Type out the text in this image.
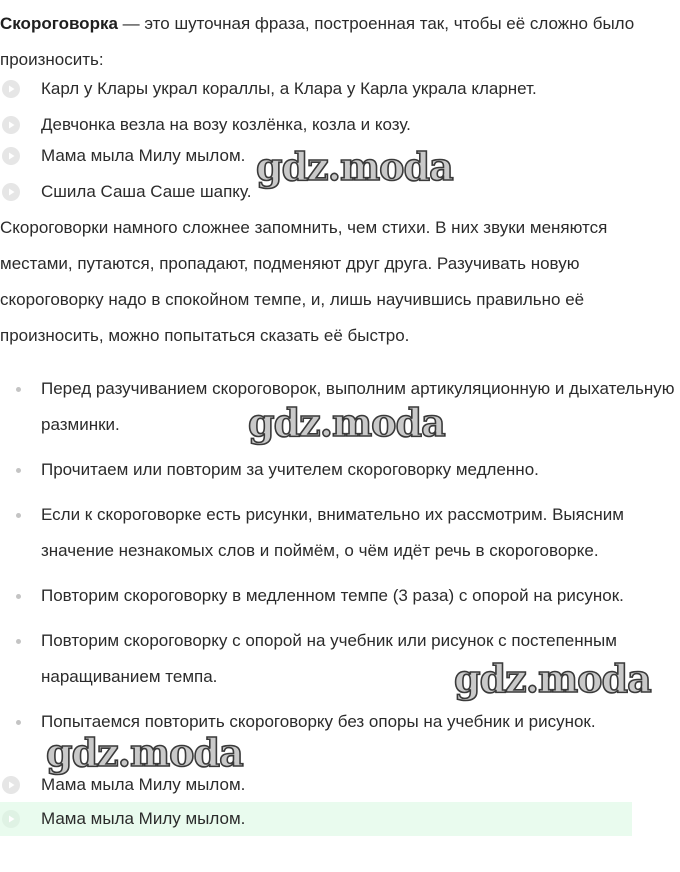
Скороговорка — это шуточная фраза, построенная так, чтобы её сложно было произносить:

Карл у Клары украл кораллы, а Клара у Карла украла кларнет.
Девчонка везла на возу козлёнка, козла и козу.
Мама мыла Милу мылом.
Сшила Саша Саше шапку.

Скороговорки намного сложнее запомнить, чем стихи. В них звуки меняются местами, путаются, пропадают, подменяют друг друга. Разучивать новую скороговорку надо в спокойном темпе, и, лишь научившись правильно её произносить, можно попытаться сказать её быстро.

Перед разучиванием скороговорок, выполним артикуляционную и дыхательную разминки.
Прочитаем или повторим за учителем скороговорку медленно.
Если к скороговорке есть рисунки, внимательно их рассмотрим. Выясним значение незнакомых слов и поймём, о чём идёт речь в скороговорке.
Повторим скороговорку в медленном темпе (3 раза) с опорой на рисунок.
Повторим скороговорку с опорой на учебник или рисунок с постепенным наращиванием темпа.
Попытаемся повторить скороговорку без опоры на учебник и рисунок.
Мама мыла Милу мылом.
Мама мыла Милу мылом.
gdz.moda
gdz.moda
gdz.moda
gdz.moda
